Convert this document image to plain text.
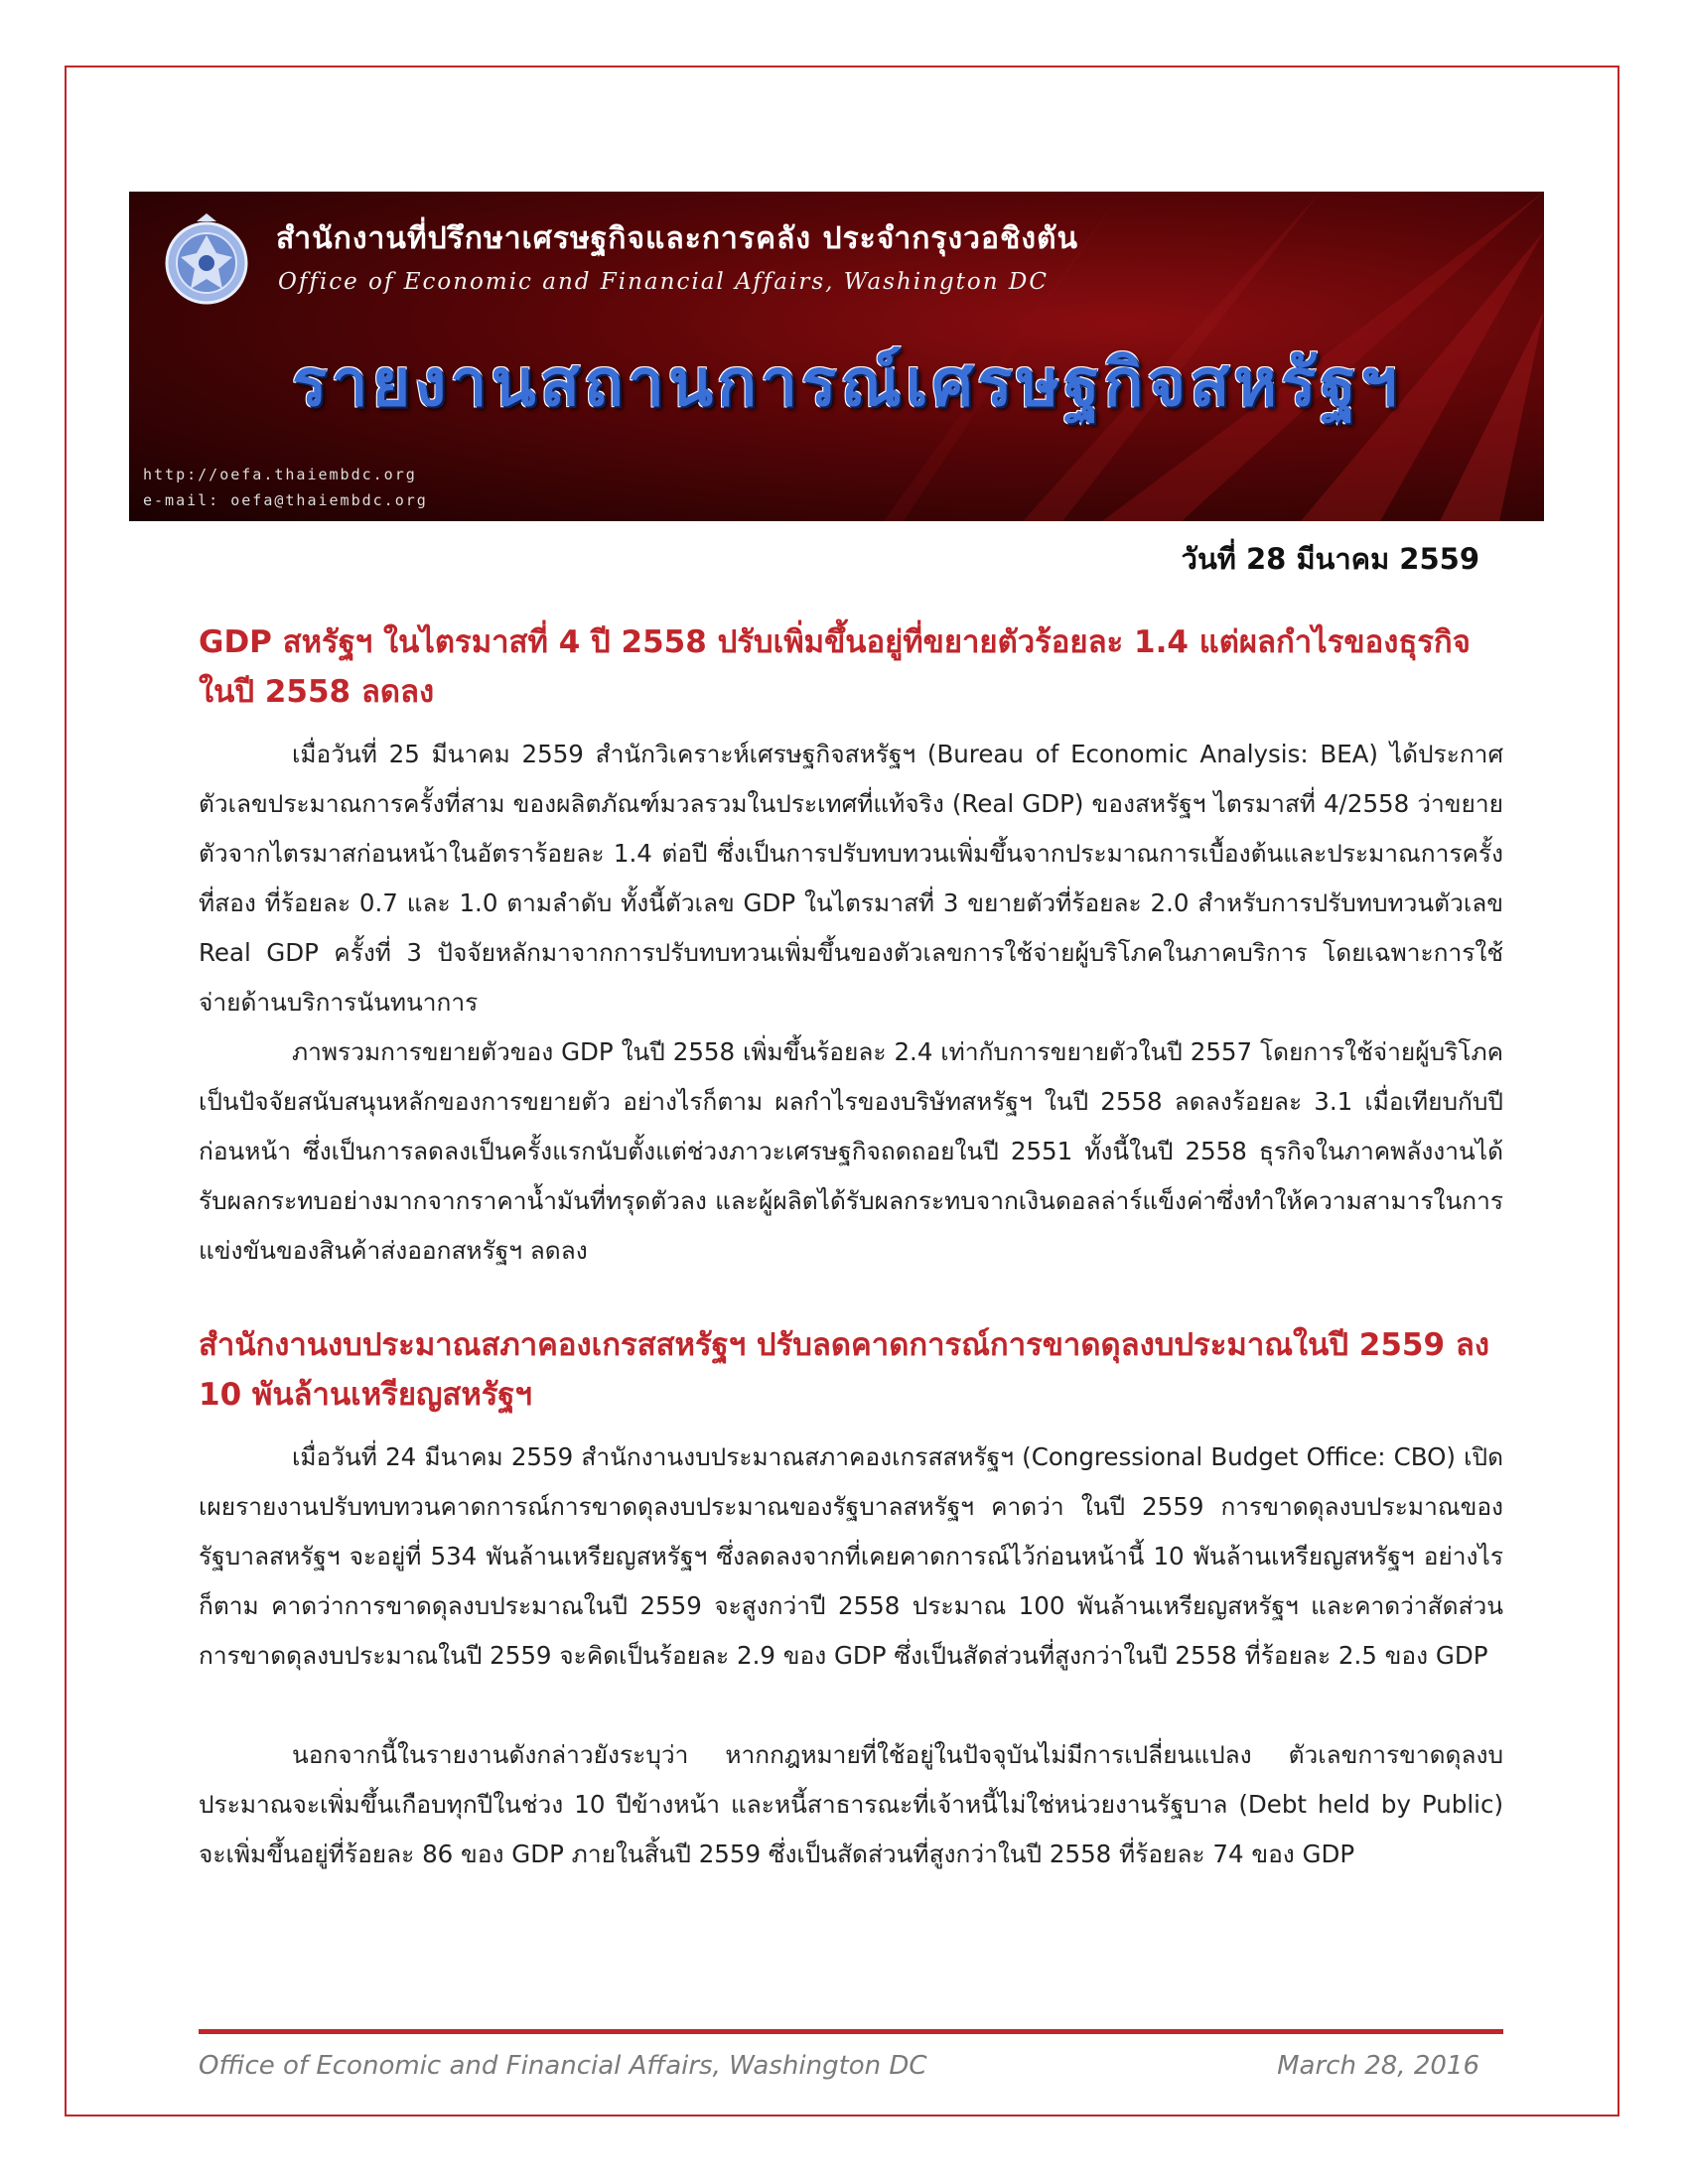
สำนักงานที่ปรึกษาเศรษฐกิจและการคลัง ประจำกรุงวอชิงตัน
Office of Economic and Financial Affairs, Washington DC
รายงานสถานการณ์เศรษฐกิจสหรัฐฯ
http://oefa.thaiembdc.org
e-mail: oefa@thaiembdc.org
วันที่ 28 มีนาคม 2559
GDP สหรัฐฯ ในไตรมาสที่ 4 ปี 2558 ปรับเพิ่มขึ้นอยู่ที่ขยายตัวร้อยละ 1.4 แต่ผลกำไรของธุรกิจในปี 2558 ลดลง

เมื่อวันที่ 25 มีนาคม 2559 สำนักวิเคราะห์เศรษฐกิจสหรัฐฯ (Bureau of Economic Analysis: BEA) ได้ประกาศตัวเลขประมาณการครั้งที่สาม ของผลิตภัณฑ์มวลรวมในประเทศที่แท้จริง (Real GDP) ของสหรัฐฯ ไตรมาสที่ 4/2558 ว่าขยายตัวจากไตรมาสก่อนหน้าในอัตราร้อยละ 1.4 ต่อปี ซึ่งเป็นการปรับทบทวนเพิ่มขึ้นจากประมาณการเบื้องต้นและประมาณการครั้งที่สอง ที่ร้อยละ 0.7 และ 1.0 ตามลำดับ ทั้งนี้ตัวเลข GDP ในไตรมาสที่ 3 ขยายตัวที่ร้อยละ 2.0 สำหรับการปรับทบทวนตัวเลข Real GDP ครั้งที่ 3 ปัจจัยหลักมาจากการปรับทบทวนเพิ่มขึ้นของตัวเลขการใช้จ่ายผู้บริโภคในภาคบริการ โดยเฉพาะการใช้จ่ายด้านบริการนันทนาการ

ภาพรวมการขยายตัวของ GDP ในปี 2558 เพิ่มขึ้นร้อยละ 2.4 เท่ากับการขยายตัวในปี 2557 โดยการใช้จ่ายผู้บริโภคเป็นปัจจัยสนับสนุนหลักของการขยายตัว อย่างไรก็ตาม ผลกำไรของบริษัทสหรัฐฯ ในปี 2558 ลดลงร้อยละ 3.1 เมื่อเทียบกับปีก่อนหน้า ซึ่งเป็นการลดลงเป็นครั้งแรกนับตั้งแต่ช่วงภาวะเศรษฐกิจถดถอยในปี 2551 ทั้งนี้ในปี 2558 ธุรกิจในภาคพลังงานได้รับผลกระทบอย่างมากจากราคาน้ำมันที่ทรุดตัวลง และผู้ผลิตได้รับผลกระทบจากเงินดอลล่าร์แข็งค่าซึ่งทำให้ความสามารในการแข่งขันของสินค้าส่งออกสหรัฐฯ ลดลง

สำนักงานงบประมาณสภาคองเกรสสหรัฐฯ ปรับลดคาดการณ์การขาดดุลงบประมาณในปี 2559 ลง 10 พันล้านเหรียญสหรัฐฯ

เมื่อวันที่ 24 มีนาคม 2559 สำนักงานงบประมาณสภาคองเกรสสหรัฐฯ (Congressional Budget Office: CBO) เปิดเผยรายงานปรับทบทวนคาดการณ์การขาดดุลงบประมาณของรัฐบาลสหรัฐฯ คาดว่า ในปี 2559 การขาดดุลงบประมาณของรัฐบาลสหรัฐฯ จะอยู่ที่ 534 พันล้านเหรียญสหรัฐฯ ซึ่งลดลงจากที่เคยคาดการณ์ไว้ก่อนหน้านี้ 10 พันล้านเหรียญสหรัฐฯ อย่างไรก็ตาม คาดว่าการขาดดุลงบประมาณในปี 2559 จะสูงกว่าปี 2558 ประมาณ 100 พันล้านเหรียญสหรัฐฯ และคาดว่าสัดส่วนการขาดดุลงบประมาณในปี 2559 จะคิดเป็นร้อยละ 2.9 ของ GDP ซึ่งเป็นสัดส่วนที่สูงกว่าในปี 2558 ที่ร้อยละ 2.5 ของ GDP

นอกจากนี้ในรายงานดังกล่าวยังระบุว่า หากกฎหมายที่ใช้อยู่ในปัจจุบันไม่มีการเปลี่ยนแปลง ตัวเลขการขาดดุลงบประมาณจะเพิ่มขึ้นเกือบทุกปีในช่วง 10 ปีข้างหน้า และหนี้สาธารณะที่เจ้าหนี้ไม่ใช่หน่วยงานรัฐบาล (Debt held by Public) จะเพิ่มขึ้นอยู่ที่ร้อยละ 86 ของ GDP ภายในสิ้นปี 2559 ซึ่งเป็นสัดส่วนที่สูงกว่าในปี 2558 ที่ร้อยละ 74 ของ GDP

Office of Economic and Financial Affairs, Washington DC	March 28, 2016
